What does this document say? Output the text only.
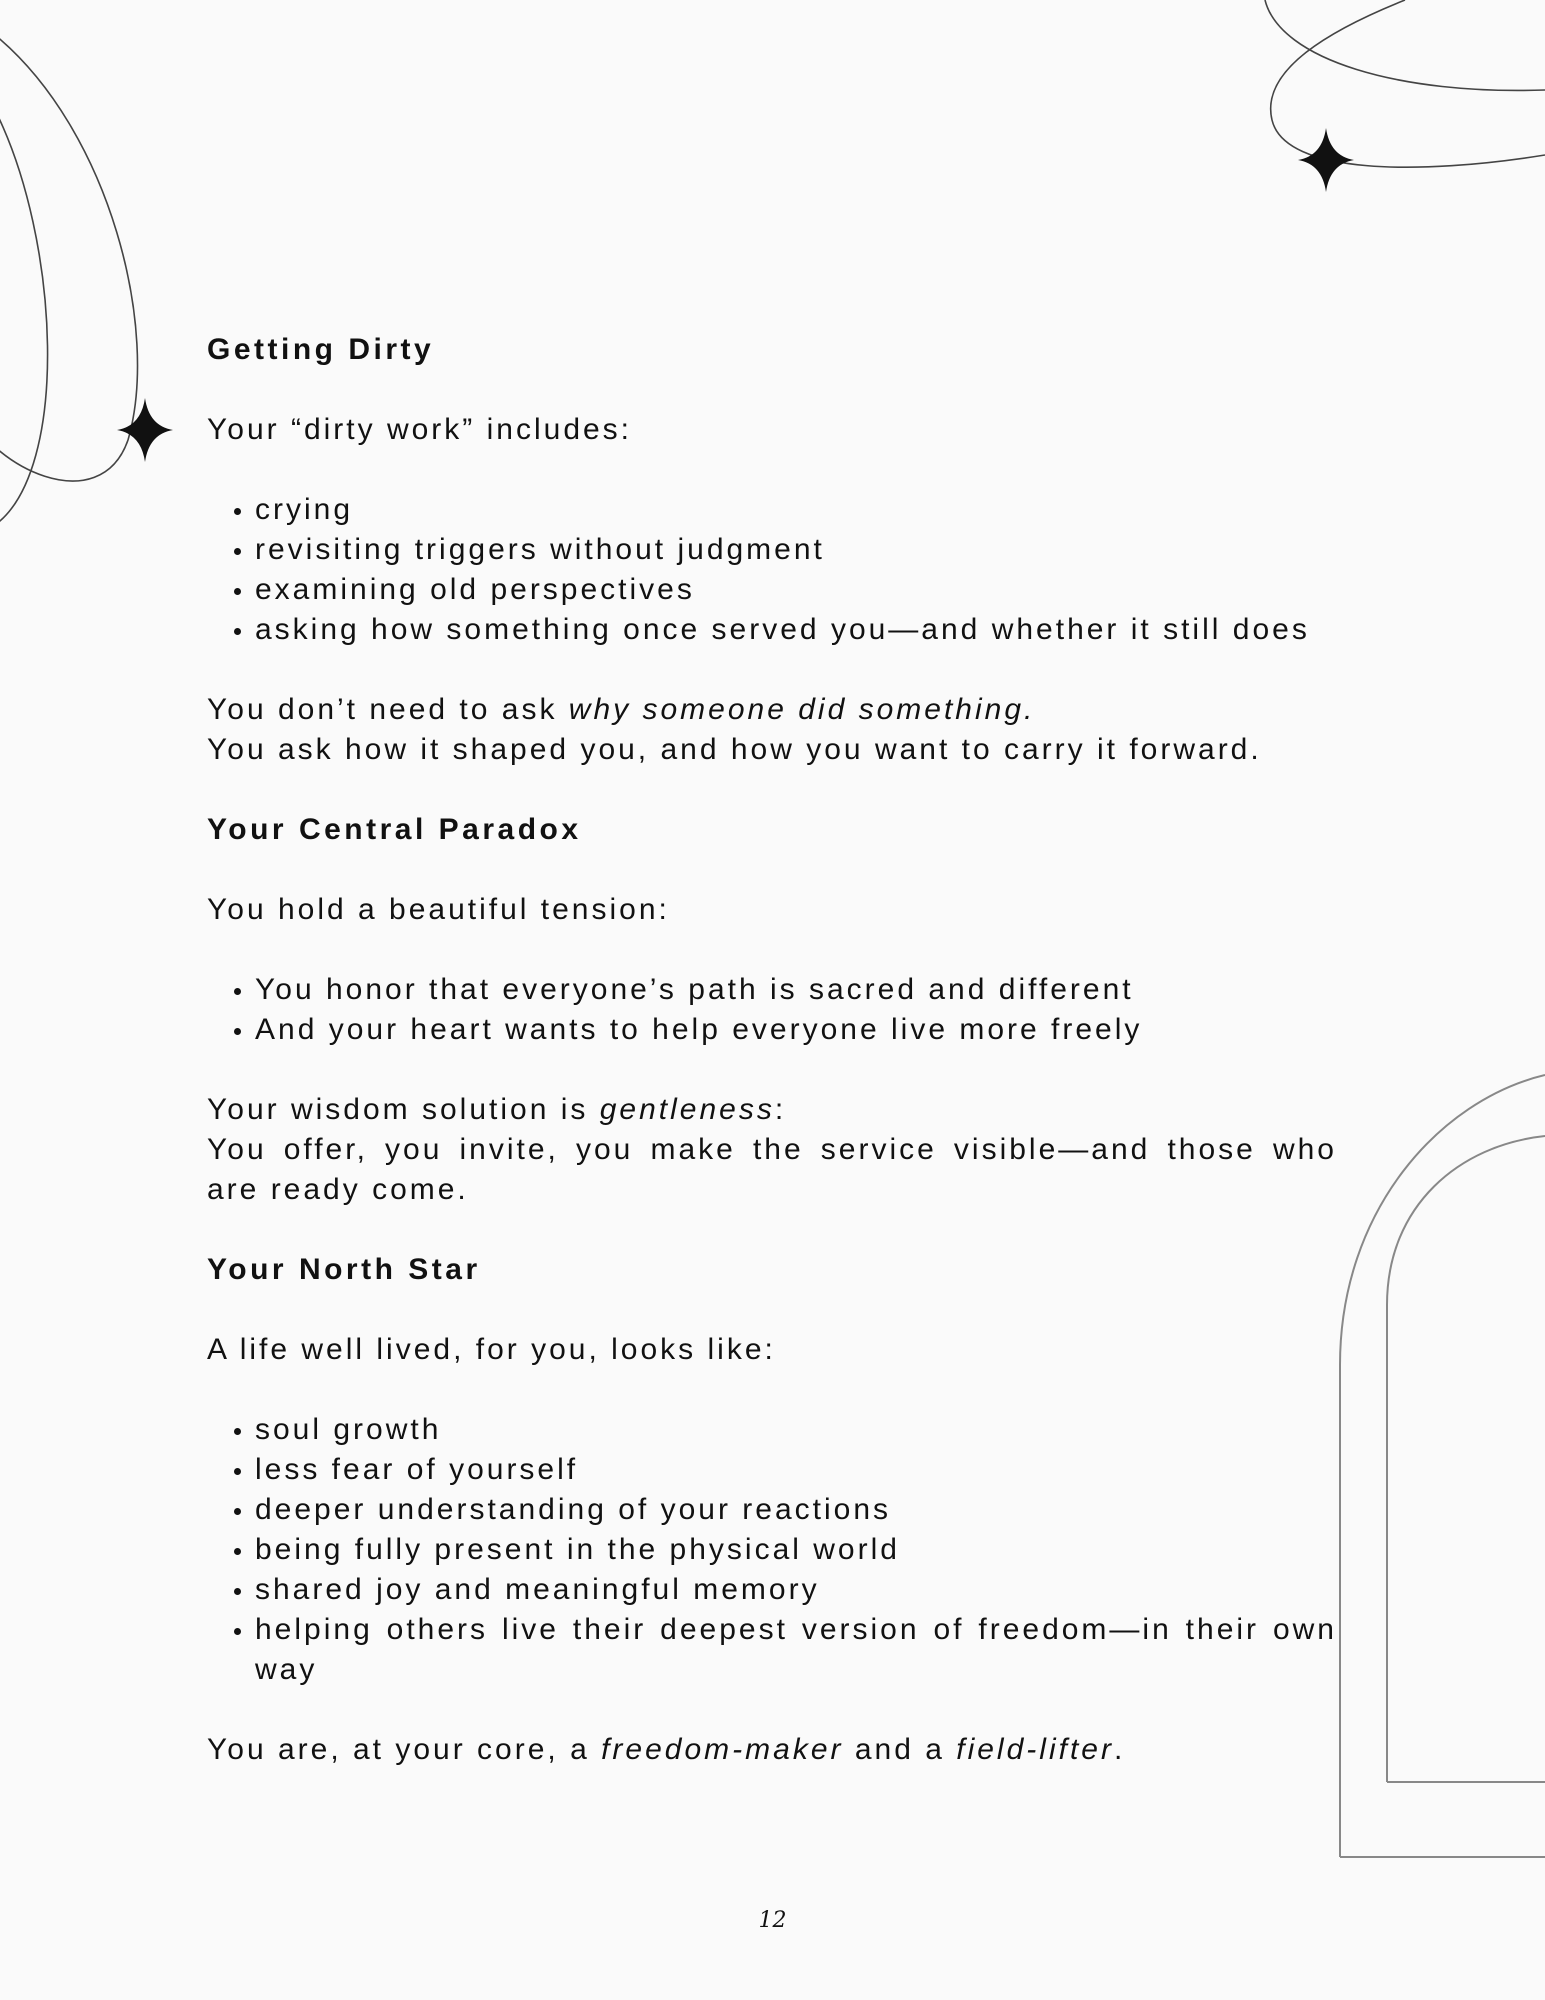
Getting Dirty

Your “dirty work” includes:

• crying
• revisiting triggers without judgment
• examining old perspectives
• asking how something once served you—and whether it still does

You don’t need to ask why someone did something.

You ask how it shaped you, and how you want to carry it forward.

Your Central Paradox

You hold a beautiful tension:

• You honor that everyone’s path is sacred and different
• And your heart wants to help everyone live more freely

Your wisdom solution is gentleness:

You offer, you invite, you make the service visible—and those who are ready come.

Your North Star

A life well lived, for you, looks like:

• soul growth
• less fear of yourself
• deeper understanding of your reactions
• being fully present in the physical world
• shared joy and meaningful memory
• helping others live their deepest version of freedom—in their own way

You are, at your core, a freedom-maker and a field-lifter.

12
